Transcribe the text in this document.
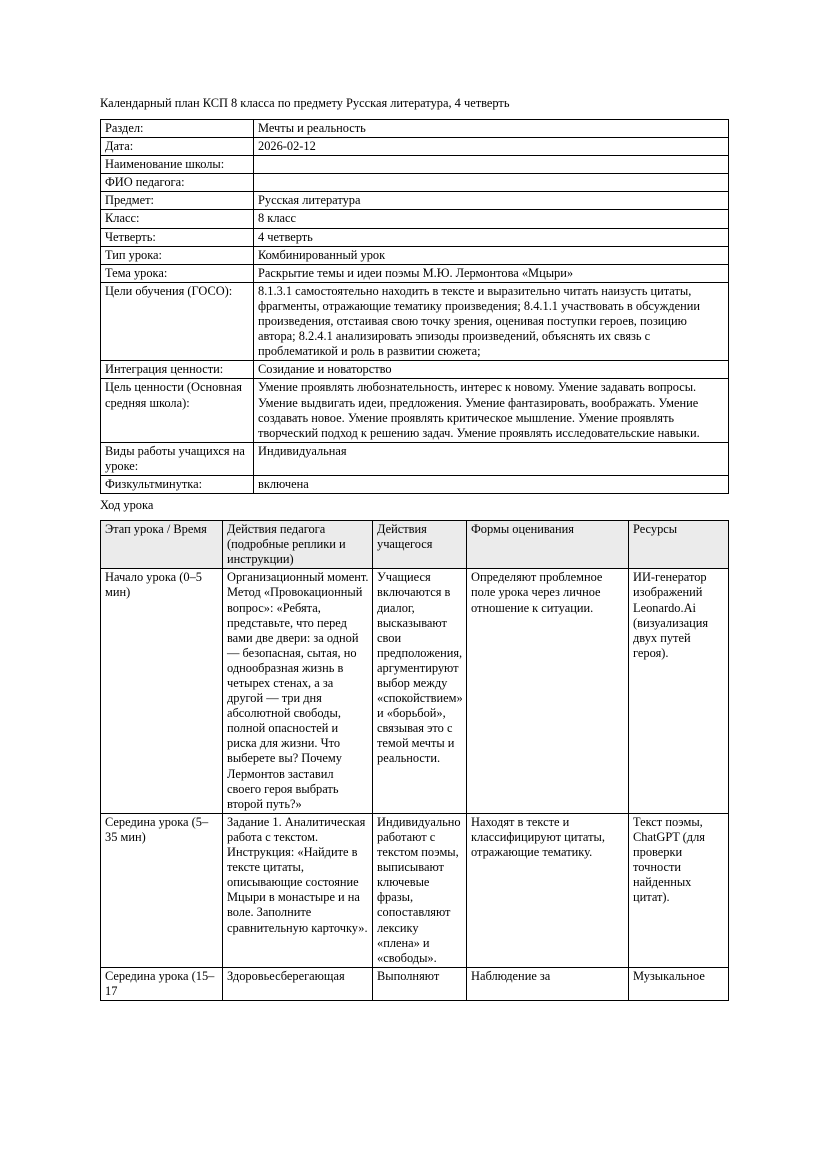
Календарный план КСП 8 класса по предмету Русская литература, 4 четверть

Раздел:	Мечты и реальность
Дата:	2026-02-12
Наименование школы:	
ФИО педагога:	
Предмет:	Русская литература
Класс:	8 класс
Четверть:	4 четверть
Тип урока:	Комбинированный урок
Тема урока:	Раскрытие темы и идеи поэмы М.Ю. Лермонтова «Мцыри»
Цели обучения (ГОСО):	8.1.3.1 самостоятельно находить в тексте и выразительно читать наизусть цитаты, фрагменты, отражающие тематику произведения; 8.4.1.1 участвовать в обсуждении произведения, отстаивая свою точку зрения, оценивая поступки героев, позицию автора; 8.2.4.1 анализировать эпизоды произведений, объяснять их связь с проблематикой и роль в развитии сюжета;
Интеграция ценности:	Созидание и новаторство
Цель ценности (Основная средняя школа):	Умение проявлять любознательность, интерес к новому. Умение задавать вопросы. Умение выдвигать идеи, предложения. Умение фантазировать, воображать. Умение создавать новое. Умение проявлять критическое мышление. Умение проявлять творческий подход к решению задач. Умение проявлять исследовательские навыки.
Виды работы учащихся на уроке:	Индивидуальная
Физкультминутка:	включена

Ход урока

Этап урока / Время	Действия педагога (подробные реплики и инструкции)	Действия учащегося	Формы оценивания	Ресурсы
Начало урока (0–5 мин)	Организационный момент. Метод «Провокационный вопрос»: «Ребята, представьте, что перед вами две двери: за одной — безопасная, сытая, но однообразная жизнь в четырех стенах, а за другой — три дня абсолютной свободы, полной опасностей и риска для жизни. Что выберете вы? Почему Лермонтов заставил своего героя выбрать второй путь?»	Учащиеся включаются в диалог, высказывают свои предположения, аргументируют выбор между «спокойствием» и «борьбой», связывая это с темой мечты и реальности.	Определяют проблемное поле урока через личное отношение к ситуации.	ИИ-генератор изображений Leonardo.Ai (визуализация двух путей героя).
Середина урока (5–35 мин)	Задание 1. Аналитическая работа с текстом. Инструкция: «Найдите в тексте цитаты, описывающие состояние Мцыри в монастыре и на воле. Заполните сравнительную карточку».	Индивидуально работают с текстом поэмы, выписывают ключевые фразы, сопоставляют лексику «плена» и «свободы».	Находят в тексте и классифицируют цитаты, отражающие тематику.	Текст поэмы, ChatGPT (для проверки точности найденных цитат).
Середина урока (15–17	Здоровьесберегающая	Выполняют	Наблюдение за	Музыкальное
